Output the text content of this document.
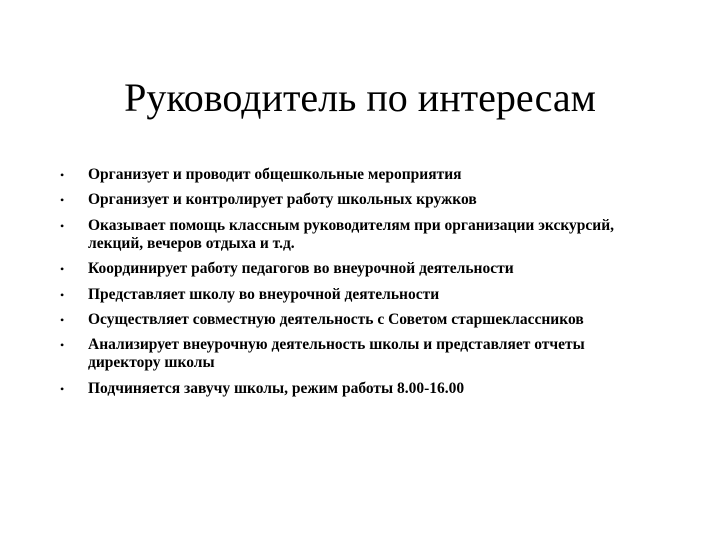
Руководитель по интересам
• Организует и проводит общешкольные мероприятия
• Организует и контролирует работу школьных кружков
• Оказывает помощь классным руководителям при организации экскурсий, лекций, вечеров отдыха и т.д.
• Координирует работу педагогов во внеурочной деятельности
• Представляет школу во внеурочной деятельности
• Осуществляет совместную деятельность с Советом старшеклассников
• Анализирует внеурочную деятельность школы и представляет отчеты директору школы
• Подчиняется завучу школы, режим работы 8.00-16.00
